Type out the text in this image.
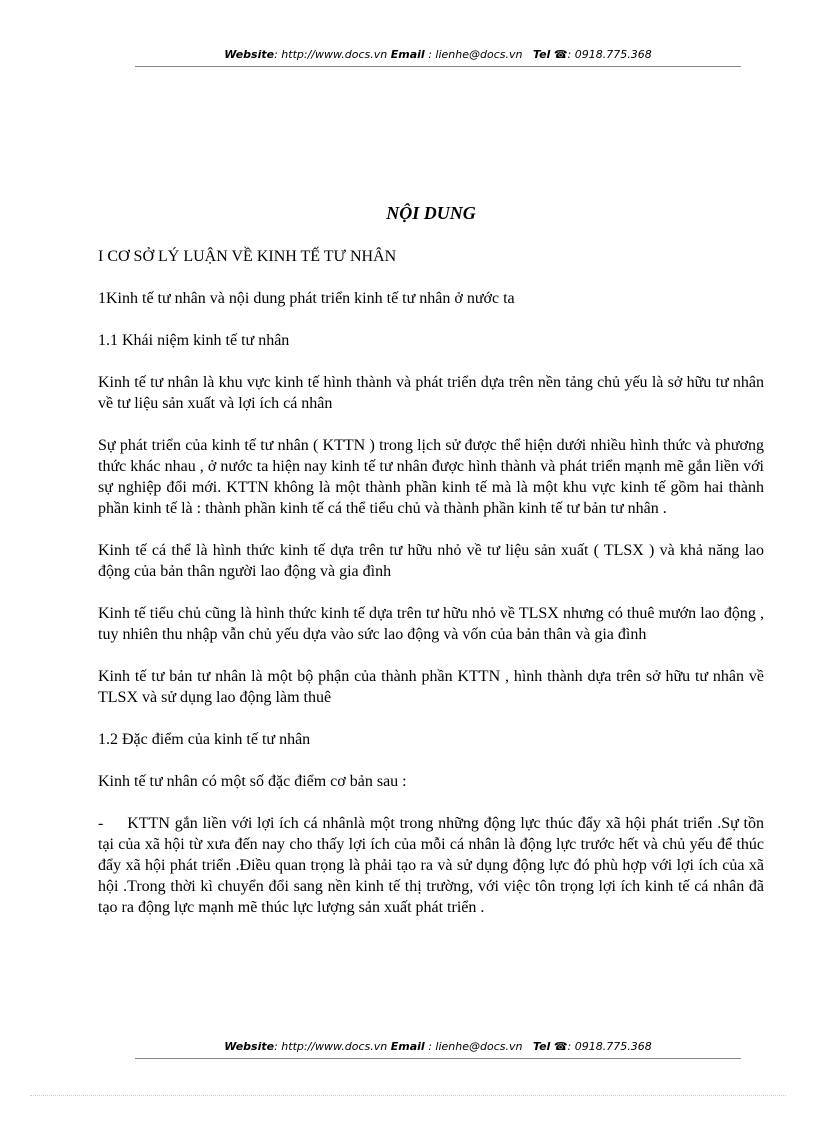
Website: http://www.docs.vn Email : lienhe@docs.vn Tel ☎: 0918.775.368
NỘI DUNG
I CƠ SỞ LÝ LUẬN VỀ KINH TẾ TƯ NHÂN
1Kinh tế tư nhân và nội dung phát triển kinh tế tư nhân ở nước ta
1.1 Khái niệm kinh tế tư nhân
Kinh tế tư nhân là khu vực kinh tế hình thành và phát triển dựa trên nền tảng chủ yếu là sở hữu tư nhân về tư liệu sản xuất và lợi ích cá nhân
Sự phát triển của kinh tế tư nhân ( KTTN ) trong lịch sử được thể hiện dưới nhiều hình thức và phương thức khác nhau , ở nước ta hiện nay kinh tế tư nhân được hình thành và phát triển mạnh mẽ gắn liền với sự nghiệp đổi mới. KTTN không là một thành phần kinh tế mà là một khu vực kinh tế gồm hai thành phần kinh tế là : thành phần kinh tế cá thể tiểu chủ và thành phần kinh tế tư bản tư nhân .
Kinh tế cá thể là hình thức kinh tế dựa trên tư hữu nhỏ về tư liệu sản xuất ( TLSX ) và khả năng lao động của bản thân người lao động và gia đình
Kinh tế tiểu chủ cũng là hình thức kinh tế dựa trên tư hữu nhỏ về TLSX nhưng có thuê mướn lao động , tuy nhiên thu nhập vẫn chủ yếu dựa vào sức lao động và vốn của bản thân và gia đình
Kinh tế tư bản tư nhân là một bộ phận của thành phần KTTN , hình thành dựa trên sở hữu tư nhân về TLSX và sử dụng lao động làm thuê
1.2 Đặc điểm của kinh tế tư nhân
Kinh tế tư nhân có một số đặc điểm cơ bản sau :
-     KTTN gắn liền với lợi ích cá nhânlà một trong những động lực thúc đẩy xã hội phát triển .Sự tồn tại của xã hội từ xưa đến nay cho thấy lợi ích của mỗi cá nhân là động lực trước hết và chủ yếu để thúc đẩy xã hội phát triển .Điều quan trọng là phải tạo ra và sử dụng động lực đó phù hợp với lợi ích của xã hội .Trong thời kì chuyển đổi sang nền kinh tế thị trường, với việc tôn trọng lợi ích kinh tế cá nhân đã tạo ra động lực mạnh mẽ thúc lực lượng sản xuất phát triển .
Website: http://www.docs.vn Email : lienhe@docs.vn Tel ☎: 0918.775.368
